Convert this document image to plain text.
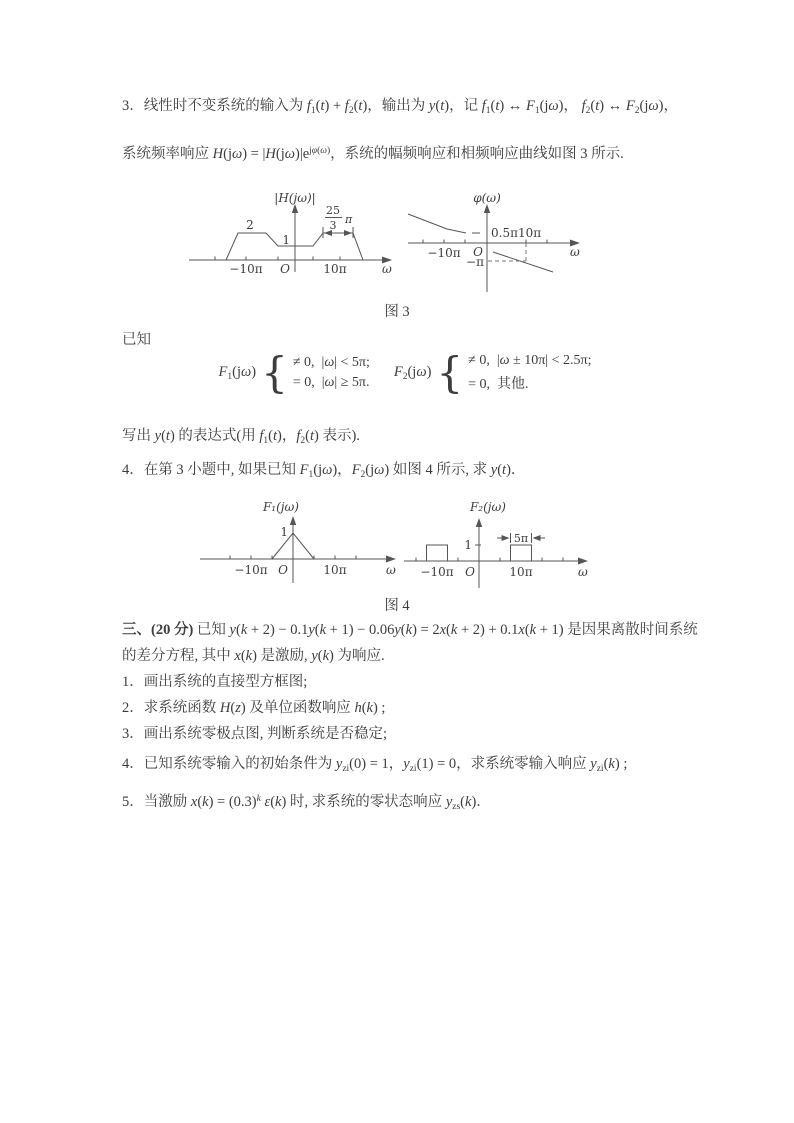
3．线性时不变系统的输入为 $f_1(t) + f_2(t)$，输出为 y(t)，记 $f_1(t)$ ↔ $F_1(j\omega)$， $f_2(t)$ ↔ $F_2(j\omega)$，
系统频率响应 $H(j\omega) = |H(j\omega)|e^{j\varphi(\omega)}$，系统的幅频响应和相频响应曲线如图 3 所示.
|H(jω)|
25
3 π
2
1
−10π O	10π	ω
φ(ω)
0.5π 10π
−π
−10π O	ω
图 3
已知
$F_1(j\omega)$ { ≠ 0,  |ω| < 5π;
= 0,  |ω| ≥ 5π.
$F_2(j\omega)$ { ≠ 0,  |ω ± 10π| < 2.5π;
= 0,  其他.
写出 y(t) 的表达式(用 $f_1(t)$，$f_2(t)$ 表示).
4．在第 3 小题中, 如果已知 $F_1(j\omega)$，$F_2(j\omega)$ 如图 4 所示, 求 y(t)．
F₁(jω)
1
−10π O	10π	ω
F₂(jω)
1	5π
−10π O	10π	ω
图 4
三、(20 分) 已知 y(k + 2) − 0.1y(k + 1) − 0.06y(k) = 2x(k + 2) + 0.1x(k + 1) 是因果离散时间系统
的差分方程, 其中 x(k) 是激励, y(k) 为响应.
1．画出系统的直接型方框图;
2．求系统函数 H(z) 及单位函数响应 h(k) ;
3．画出系统零极点图, 判断系统是否稳定;
4．已知系统零输入的初始条件为 $y_{zi}(0) = 1$，$y_{zi}(1) = 0$，求系统零输入响应 $y_{zi}(k)$ ;
5．当激励 $x(k) = (0.3)^k$ ε(k) 时, 求系统的零状态响应 $y_{zs}(k)$．
